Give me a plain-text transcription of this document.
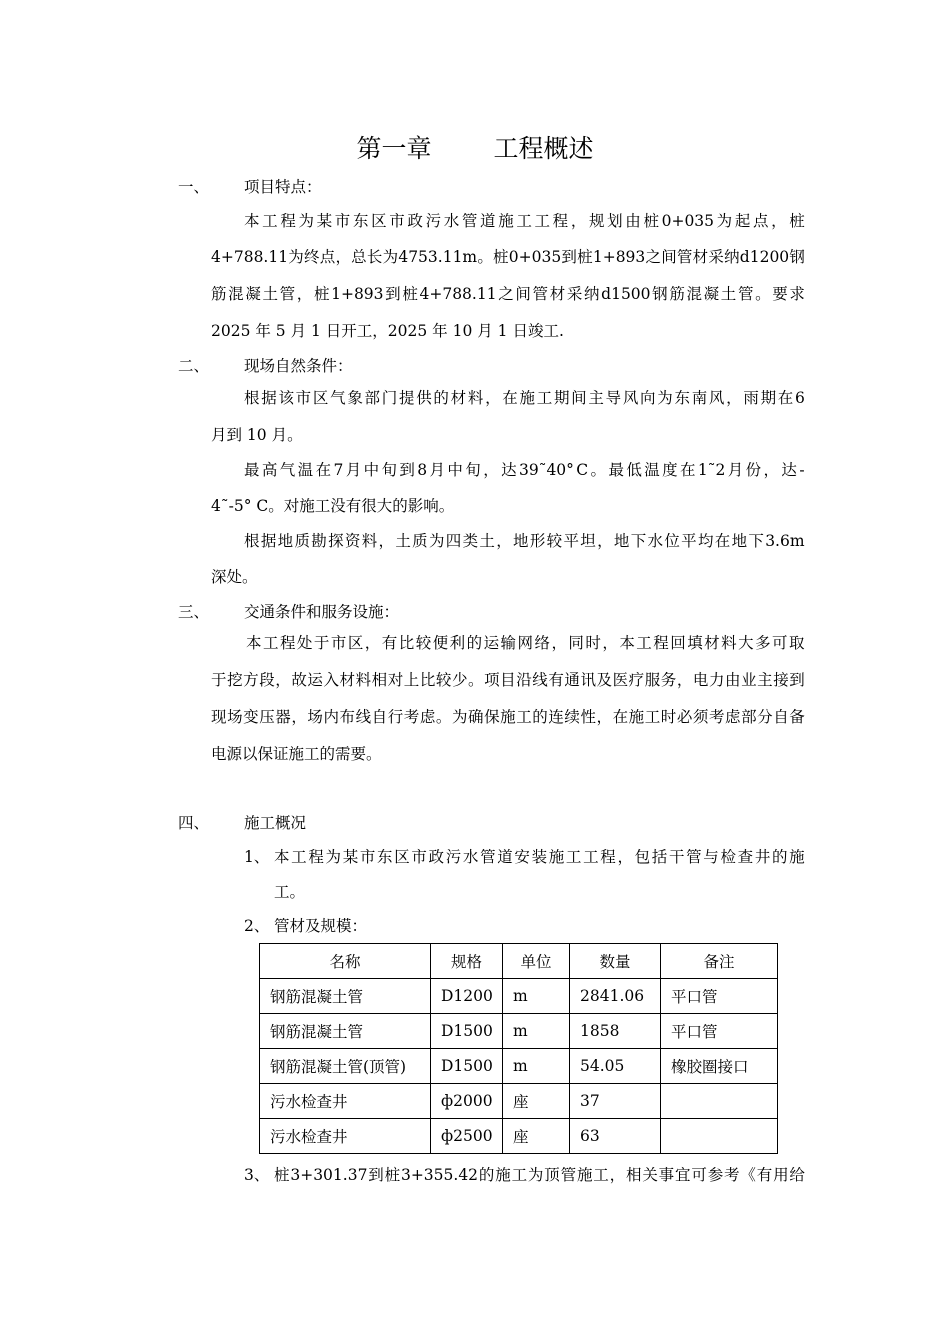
第一章 工程概述
一、 项目特点：
本 工 程 为 某 市 东 区 市 政 污 水 管 道 施 工 工 程 ， 规 划 由 桩 0+035 为 起 点 ， 桩
4+788.11 为 终 点 ， 总 长 为 4753.11m 。 桩 0+035 到 桩 1+893 之 间 管 材 采 纳 d1200 钢
筋 混 凝 土 管 ， 桩 1+893 到 桩 4+788.11 之 间 管 材 采 纳 d1500 钢 筋 混 凝 土 管 。 要 求
2025 年 5 月 1 日开工，2025 年 10 月 1 日竣工.
二、 现场自然条件：
根 据 该 市 区 气 象 部 门 提 供 的 材 料 ， 在 施 工 期 间 主 导 风 向 为 东 南 风 ， 雨 期 在 6
月到 10 月。
最 高 气 温 在 7 月 中 旬 到 8 月 中 旬 ， 达 39˜40° C 。 最 低 温 度 在 1˜2 月 份 ， 达 -
4˜-5° C。对施工没有很大的影响。
根 据 地 质 勘 探 资 料 ， 土 质 为 四 类 土 ， 地 形 较 平 坦 ， 地 下 水 位 平 均 在 地 下 3.6m
深处。
三、 交通条件和服务设施：
本 工 程 处 于 市 区 ， 有 比 较 便 利 的 运 输 网 络 ， 同 时 ， 本 工 程 回 填 材 料 大 多 可 取
于 挖 方 段 ， 故 运 入 材 料 相 对 上 比 较 少 。 项 目 沿 线 有 通 讯 及 医 疗 服 务 ， 电 力 由 业 主 接 到
现 场 变 压 器 ， 场 内 布 线 自 行 考 虑 。 为 确 保 施 工 的 连 续 性 ， 在 施 工 时 必 须 考 虑 部 分 自 备
电源以保证施工的需要。
四、 施工概况
1、 本 工 程 为 某 市 东 区 市 政 污 水 管 道 安 装 施 工 工 程 ， 包 括 干 管 与 检 查 井 的 施
工。
2、 管材及规模：
名称	规格	单位	数量	备注
钢筋混凝土管	D1200	m	2841.06	平口管
钢筋混凝土管	D1500	m	1858	平口管
钢筋混凝土管(顶管)	D1500	m	54.05	橡胶圈接口
污水检查井	ф2000	座	37	
污水检查井	ф2500	座	63	
3、 桩 3+301.37 到 桩 3+355.42 的 施 工 为 顶 管 施 工 ， 相 关 事 宜 可 参 考 《 有 用 给
